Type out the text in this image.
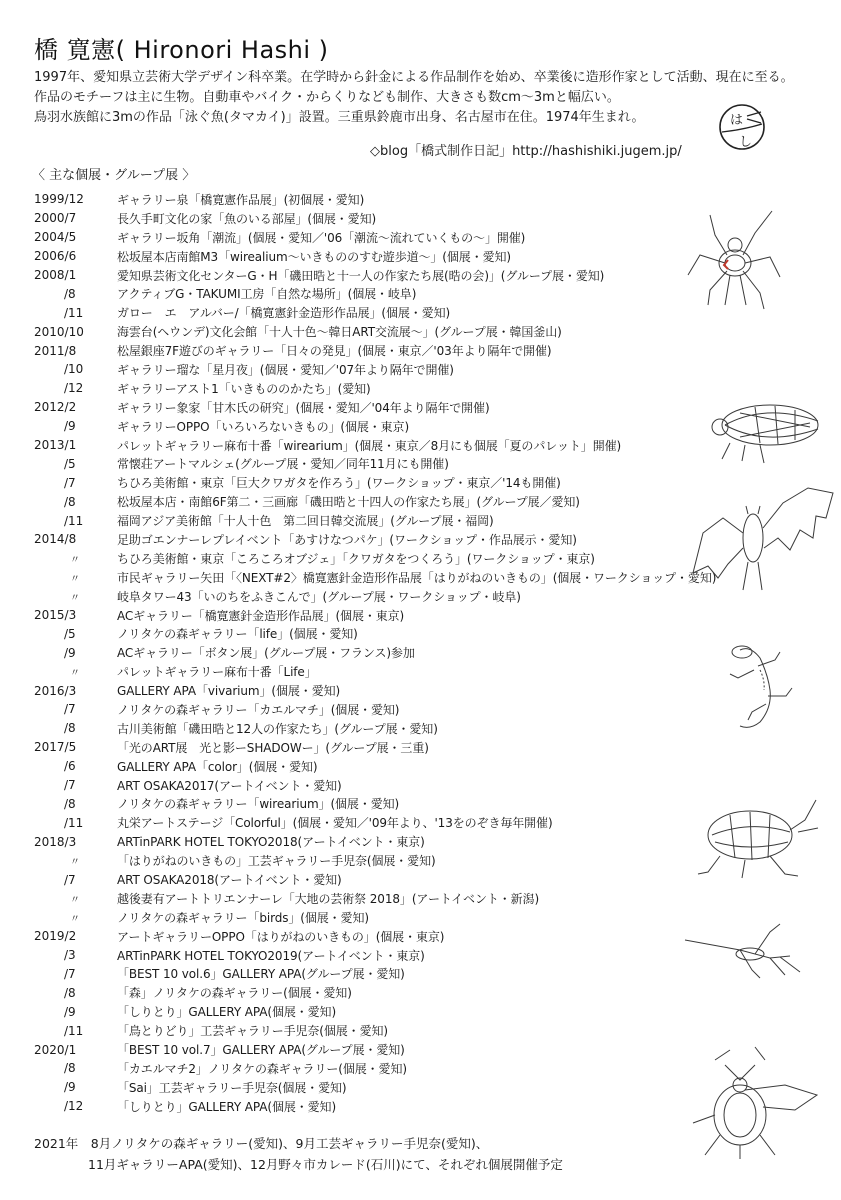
橋 寛憲( Hironori Hashi )
1997年、愛知県立芸術大学デザイン科卒業。在学時から針金による作品制作を始め、卒業後に造形作家として活動、現在に至る。
作品のモチーフは主に生物。自動車やバイク・からくりなども制作、大きさも数cm～3mと幅広い。
鳥羽水族館に3mの作品「泳ぐ魚(タマカイ)」設置。三重県鈴鹿市出身、名古屋市在住。1974年生まれ。	は
し
◇blog「橋式制作日記」http://hashishiki.jugem.jp/
〈 主な個展・グループ展 〉
1999/12	ギャラリー泉「橋寛憲作品展」(初個展・愛知)
2000/7	長久手町文化の家「魚のいる部屋」(個展・愛知)
2004/5	ギャラリー坂角「潮流」(個展・愛知／'06「潮流～流れていくもの～」開催)
2006/6	松坂屋本店南館M3「wirealium～いきもののすむ遊歩道～」(個展・愛知)
2008/1	愛知県芸術文化センターG・H「磯田晧と十一人の作家たち展(晧の会)」(グループ展・愛知)
/8	アクティブG・TAKUMI工房「自然な場所」(個展・岐阜)
/11	ガロー　エ　アルバー/「橋寛憲針金造形作品展」(個展・愛知)
2010/10	海雲台(ヘウンデ)文化会館「十人十色～韓日ART交流展～」(グループ展・韓国釜山)
2011/8	松屋銀座7F遊びのギャラリー「日々の発見」(個展・東京／'03年より隔年で開催)
/10	ギャラリー瑠な「星月夜」(個展・愛知／'07年より隔年で開催)
/12	ギャラリーアスト1「いきもののかたち」(愛知)
2012/2	ギャラリー象家「甘木氏の研究」(個展・愛知／'04年より隔年で開催)
/9	ギャラリーOPPO「いろいろないきもの」(個展・東京)
2013/1	パレットギャラリー麻布十番「wirearium」(個展・東京／8月にも個展「夏のパレット」開催)
/5	常懐荘アートマルシェ(グループ展・愛知／同年11月にも開催)
/7	ちひろ美術館・東京「巨大クワガタを作ろう」(ワークショップ・東京／'14も開催)
/8	松坂屋本店・南館6F第二・三画廊「磯田晧と十四人の作家たち展」(グループ展／愛知)
/11	福岡アジア美術館「十人十色　第二回日韓交流展」(グループ展・福岡)
2014/8	足助ゴエンナーレプレイベント「あすけなつパケ」(ワークショップ・作品展示・愛知)
〃	ちひろ美術館・東京「ころころオブジェ」「クワガタをつくろう」(ワークショップ・東京)
〃	市民ギャラリー矢田「〈NEXT#2〉橋寛憲針金造形作品展「はりがねのいきもの」(個展・ワークショップ・愛知)
〃	岐阜タワー43「いのちをふきこんで」(グループ展・ワークショップ・岐阜)
2015/3	ACギャラリー「橋寛憲針金造形作品展」(個展・東京)
/5	ノリタケの森ギャラリー「life」(個展・愛知)
/9	ACギャラリー「ボタン展」(グループ展・フランス)参加
〃	パレットギャラリー麻布十番「Life」
2016/3	GALLERY APA「vivarium」(個展・愛知)
/7	ノリタケの森ギャラリー「カエルマチ」(個展・愛知)
/8	古川美術館「磯田晧と12人の作家たち」(グループ展・愛知)
2017/5	「光のART展　光と影ーSHADOWー」(グループ展・三重)
/6	GALLERY APA「color」(個展・愛知)
/7	ART OSAKA2017(アートイベント・愛知)
/8	ノリタケの森ギャラリー「wirearium」(個展・愛知)
/11	丸栄アートステージ「Colorful」(個展・愛知／'09年より、'13をのぞき毎年開催)
2018/3	ARTinPARK HOTEL TOKYO2018(アートイベント・東京)
〃	「はりがねのいきもの」工芸ギャラリー手児奈(個展・愛知)
/7	ART OSAKA2018(アートイベント・愛知)
〃	越後妻有アートトリエンナーレ「大地の芸術祭 2018」(アートイベント・新潟)
〃	ノリタケの森ギャラリー「birds」(個展・愛知)
2019/2	アートギャラリーOPPO「はりがねのいきもの」(個展・東京)
/3	ARTinPARK HOTEL TOKYO2019(アートイベント・東京)
/7	「BEST 10 vol.6」GALLERY APA(グループ展・愛知)
/8	「森」ノリタケの森ギャラリー(個展・愛知)
/9	「しりとり」GALLERY APA(個展・愛知)
/11	「鳥とりどり」工芸ギャラリー手児奈(個展・愛知)
2020/1	「BEST 10 vol.7」GALLERY APA(グループ展・愛知)
/8	「カエルマチ2」ノリタケの森ギャラリー(個展・愛知)
/9	「Sai」工芸ギャラリー手児奈(個展・愛知)
/12	「しりとり」GALLERY APA(個展・愛知)
2021年　8月ノリタケの森ギャラリー(愛知)、9月工芸ギャラリー手児奈(愛知)、
11月ギャラリーAPA(愛知)、12月野々市カレード(石川)にて、それぞれ個展開催予定
